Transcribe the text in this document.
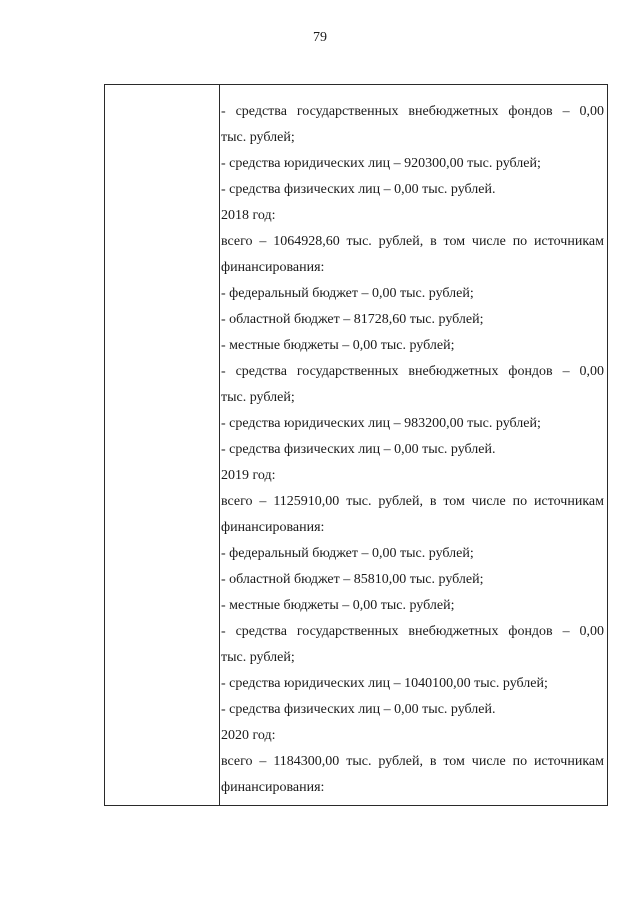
79
- средства государственных внебюджетных фондов – 0,00
тыс. рублей;
- средства юридических лиц – 920300,00 тыс. рублей;
- средства физических лиц – 0,00 тыс. рублей.
2018 год:
всего – 1064928,60 тыс. рублей, в том числе по источникам
финансирования:
- федеральный бюджет – 0,00 тыс. рублей;
- областной бюджет – 81728,60 тыс. рублей;
- местные бюджеты – 0,00 тыс. рублей;
- средства государственных внебюджетных фондов – 0,00
тыс. рублей;
- средства юридических лиц – 983200,00 тыс. рублей;
- средства физических лиц – 0,00 тыс. рублей.
2019 год:
всего – 1125910,00 тыс. рублей, в том числе по источникам
финансирования:
- федеральный бюджет – 0,00 тыс. рублей;
- областной бюджет – 85810,00 тыс. рублей;
- местные бюджеты – 0,00 тыс. рублей;
- средства государственных внебюджетных фондов – 0,00
тыс. рублей;
- средства юридических лиц – 1040100,00 тыс. рублей;
- средства физических лиц – 0,00 тыс. рублей.
2020 год:
всего – 1184300,00 тыс. рублей, в том числе по источникам
финансирования:
